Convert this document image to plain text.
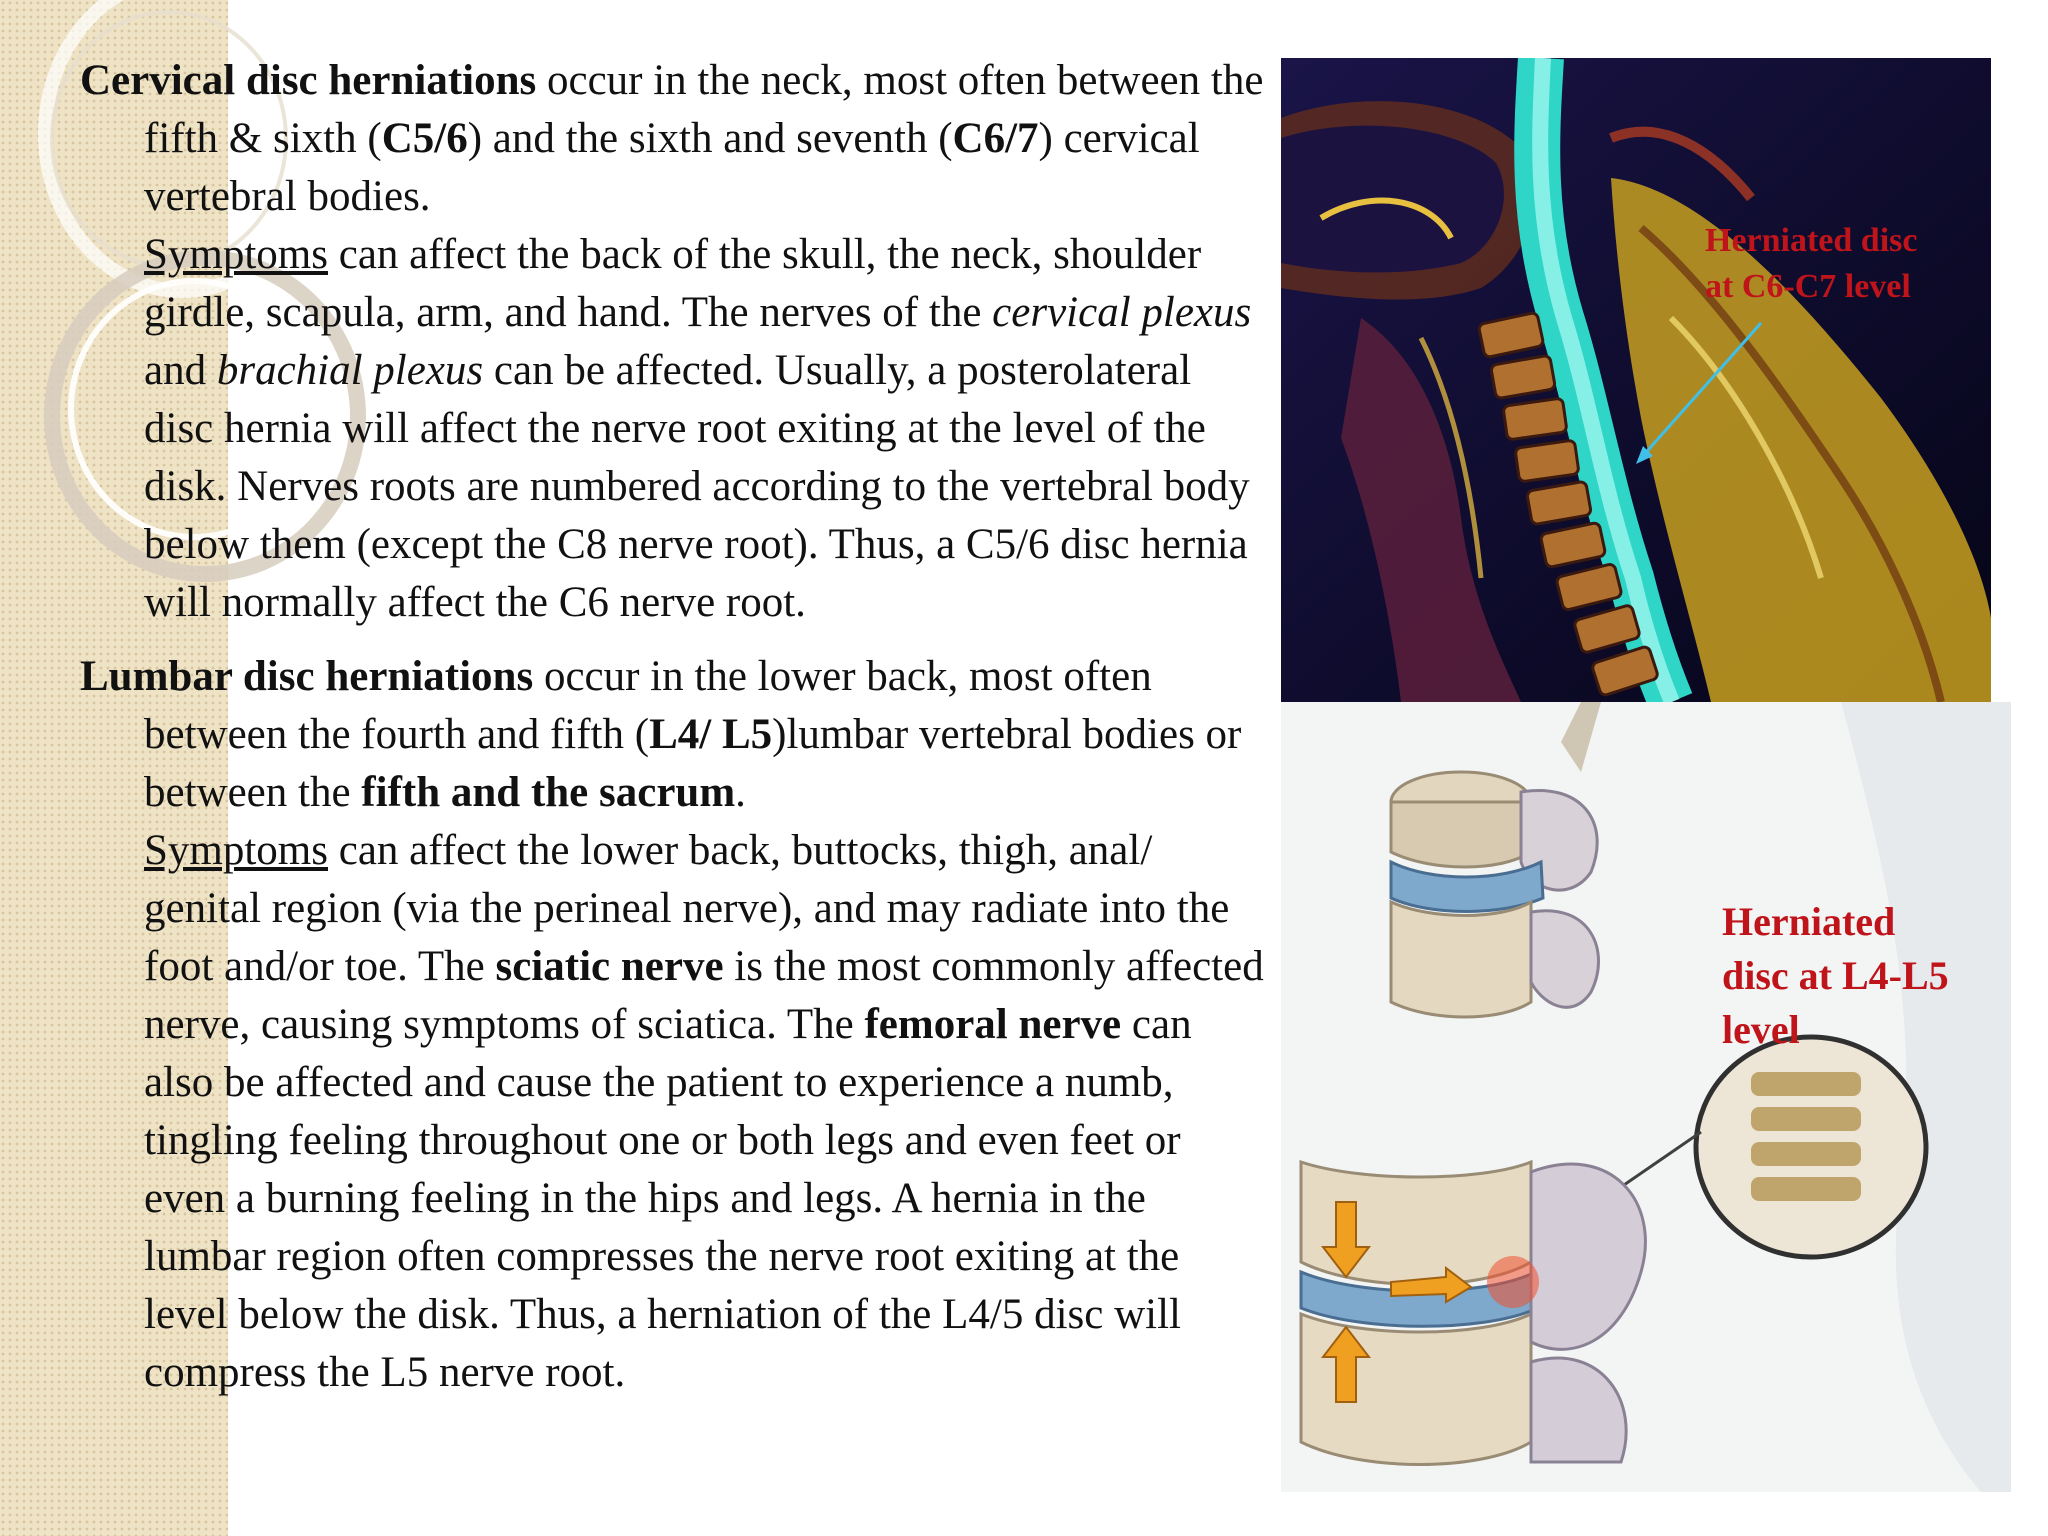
Cervical disc herniations occur in the neck, most often between the fifth & sixth (C5/6) and the sixth and seventh (C6/7) cervical vertebral bodies.
Symptoms can affect the back of the skull, the neck, shoulder girdle, scapula, arm, and hand. The nerves of the cervical plexus and brachial plexus can be affected. Usually, a posterolateral disc hernia will affect the nerve root exiting at the level of the disk. Nerves roots are numbered according to the vertebral body below them (except the C8 nerve root). Thus, a C5/6 disc hernia will normally affect the C6 nerve root.

Lumbar disc herniations occur in the lower back, most often between the fourth and fifth (L4/ L5)lumbar vertebral bodies or between the fifth and the sacrum.
Symptoms can affect the lower back, buttocks, thigh, anal/ genital region (via the perineal nerve), and may radiate into the foot and/or toe. The sciatic nerve is the most commonly affected nerve, causing symptoms of sciatica. The femoral nerve can also be affected and cause the patient to experience a numb, tingling feeling throughout one or both legs and even feet or even a burning feeling in the hips and legs. A hernia in the lumbar region often compresses the nerve root exiting at the level below the disk. Thus, a herniation of the L4/5 disc will compress the L5 nerve root.

Herniated disc at C6-C7 level
Herniated disc at L4-L5 level
